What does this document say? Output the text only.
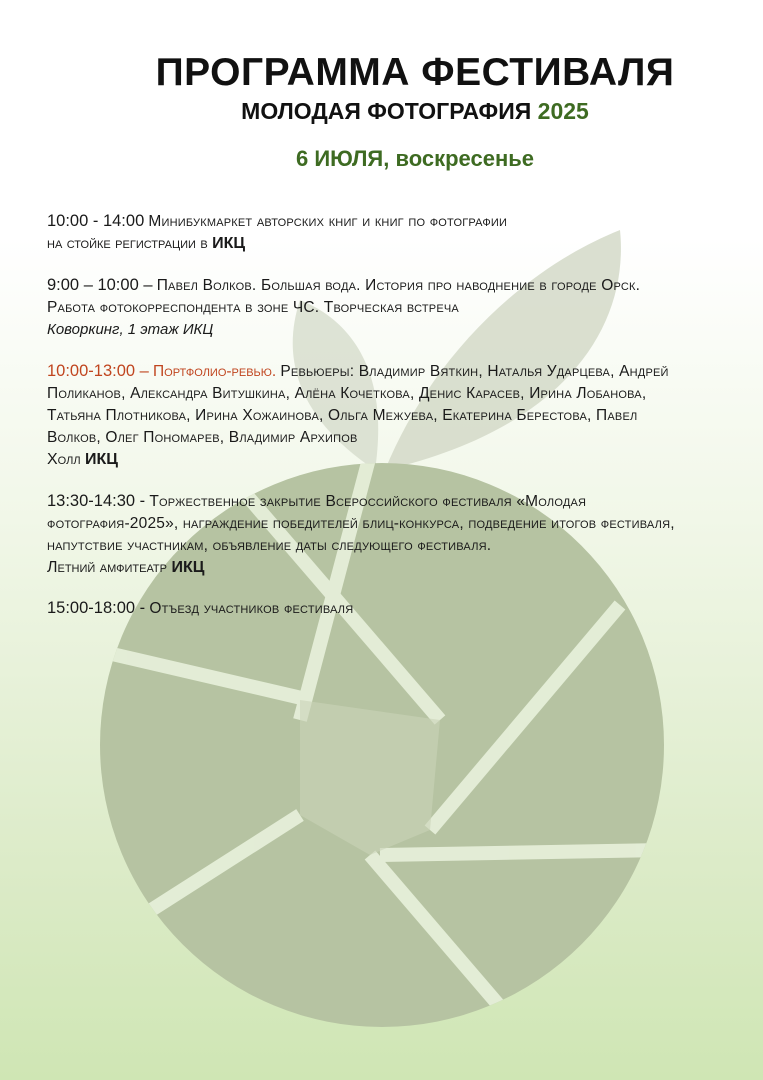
ПРОГРАММА ФЕСТИВАЛЯ
МОЛОДАЯ ФОТОГРАФИЯ 2025
6 ИЮЛЯ, воскресенье
10:00 - 14:00 Минибукмаркет авторских книг и книг по фотографии
на стойке регистрации в ИКЦ
9:00 – 10:00 – Павел Волков. Большая вода. История про наводнение в городе Орск.
Работа фотокорреспондента в зоне ЧС. Творческая встреча
Коворкинг, 1 этаж ИКЦ
10:00-13:00 – Портфолио-ревью. Ревьюеры: Владимир Вяткин, Наталья Ударцева, Андрей
Поликанов, Александра Витушкина, Алёна Кочеткова, Денис Карасев, Ирина Лобанова,
Татьяна Плотникова, Ирина Хожаинова, Ольга Межуева, Екатерина Берестова, Павел
Волков, Олег Пономарев, Владимир Архипов
Холл ИКЦ
13:30-14:30 - Торжественное закрытие Всероссийского фестиваля «Молодая
фотография-2025», награждение победителей блиц-конкурса, подведение итогов фестиваля,
напутствие участникам, объявление даты следующего фестиваля.
Летний амфитеатр ИКЦ
15:00-18:00 - Отъезд участников фестиваля
